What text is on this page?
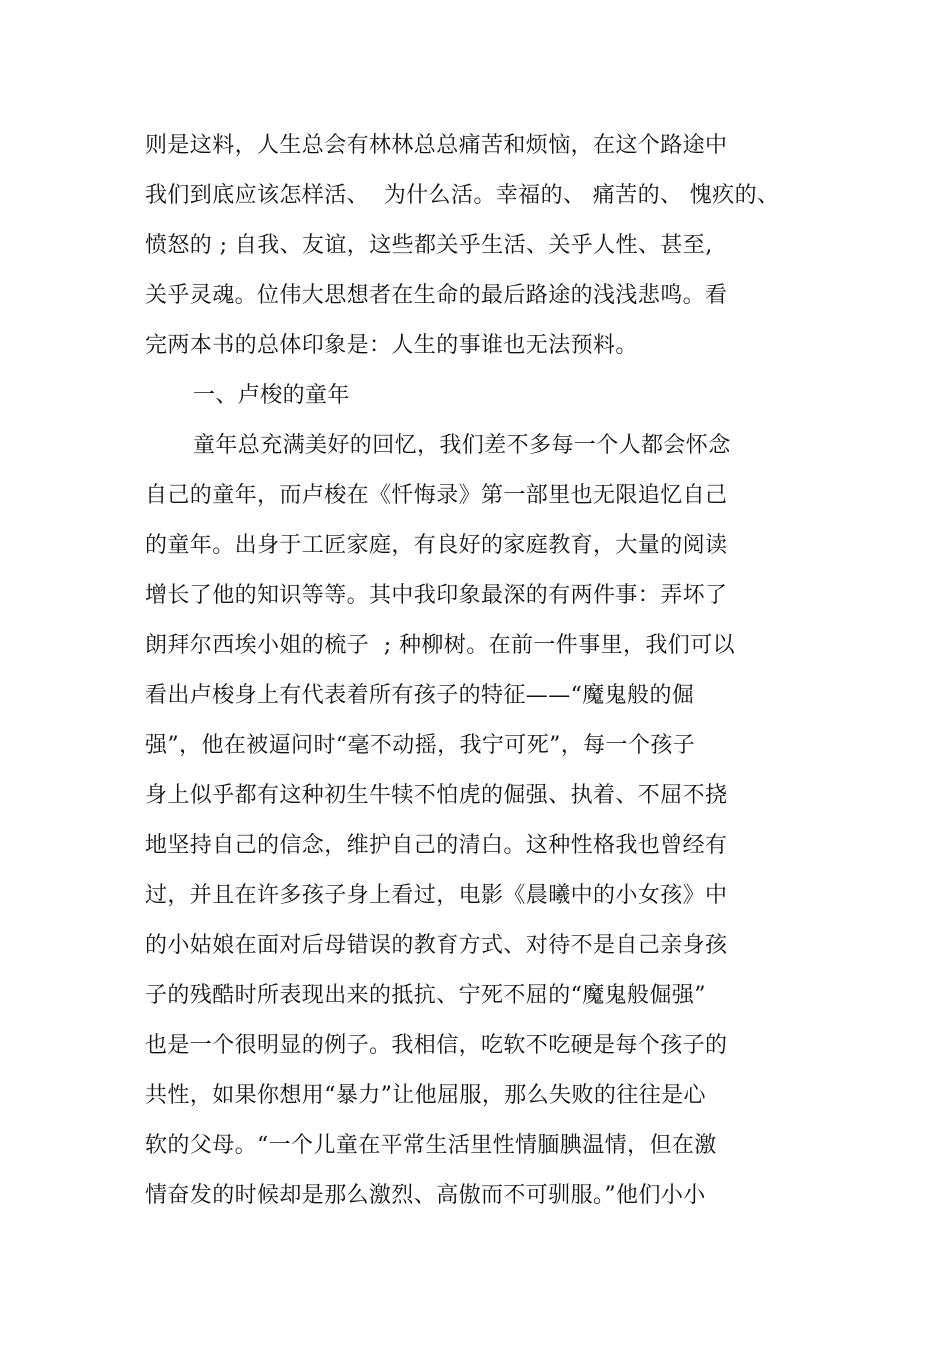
则是这料，人生总会有林林总总痛苦和烦恼，在这个路途中
我们到底应该怎样活、  为什么活。幸福的、 痛苦的、 愧疚的、
愤怒的 ; 自我、友谊，这些都关乎生活、关乎人性、甚至,
关乎灵魂。位伟大思想者在生命的最后路途的浅浅悲鸣。看
完两本书的总体印象是：人生的事谁也无法预料。
一、卢梭的童年
童年总充满美好的回忆，我们差不多每一个人都会怀念
自己的童年，而卢梭在《忏悔录》第一部里也无限追忆自己
的童年。出身于工匠家庭，有良好的家庭教育，大量的阅读
增长了他的知识等等。其中我印象最深的有两件事：弄坏了
朗拜尔西埃小姐的梳子  ; 种柳树。在前一件事里，我们可以
看出卢梭身上有代表着所有孩子的特征——“魔鬼般的倔
强”，他在被逼问时“毫不动摇，我宁可死”，每一个孩子
身上似乎都有这种初生牛犊不怕虎的倔强、执着、不屈不挠
地坚持自己的信念，维护自己的清白。这种性格我也曾经有
过，并且在许多孩子身上看过，电影《晨曦中的小女孩》中
的小姑娘在面对后母错误的教育方式、对待不是自己亲身孩
子的残酷时所表现出来的抵抗、宁死不屈的“魔鬼般倔强”
也是一个很明显的例子。我相信，吃软不吃硬是每个孩子的
共性，如果你想用“暴力”让他屈服，那么失败的往往是心
软的父母。“一个儿童在平常生活里性情腼腆温情，但在激
情奋发的时候却是那么激烈、高傲而不可驯服。”他们小小
